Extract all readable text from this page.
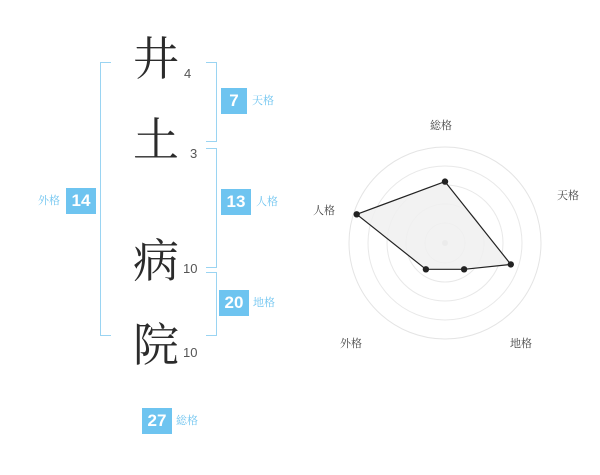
外格 14
井 4
土 3
病 10
院 10
7	天格
13 人格
20 地格
27 総格
総格
天格
地格
外格
人格
